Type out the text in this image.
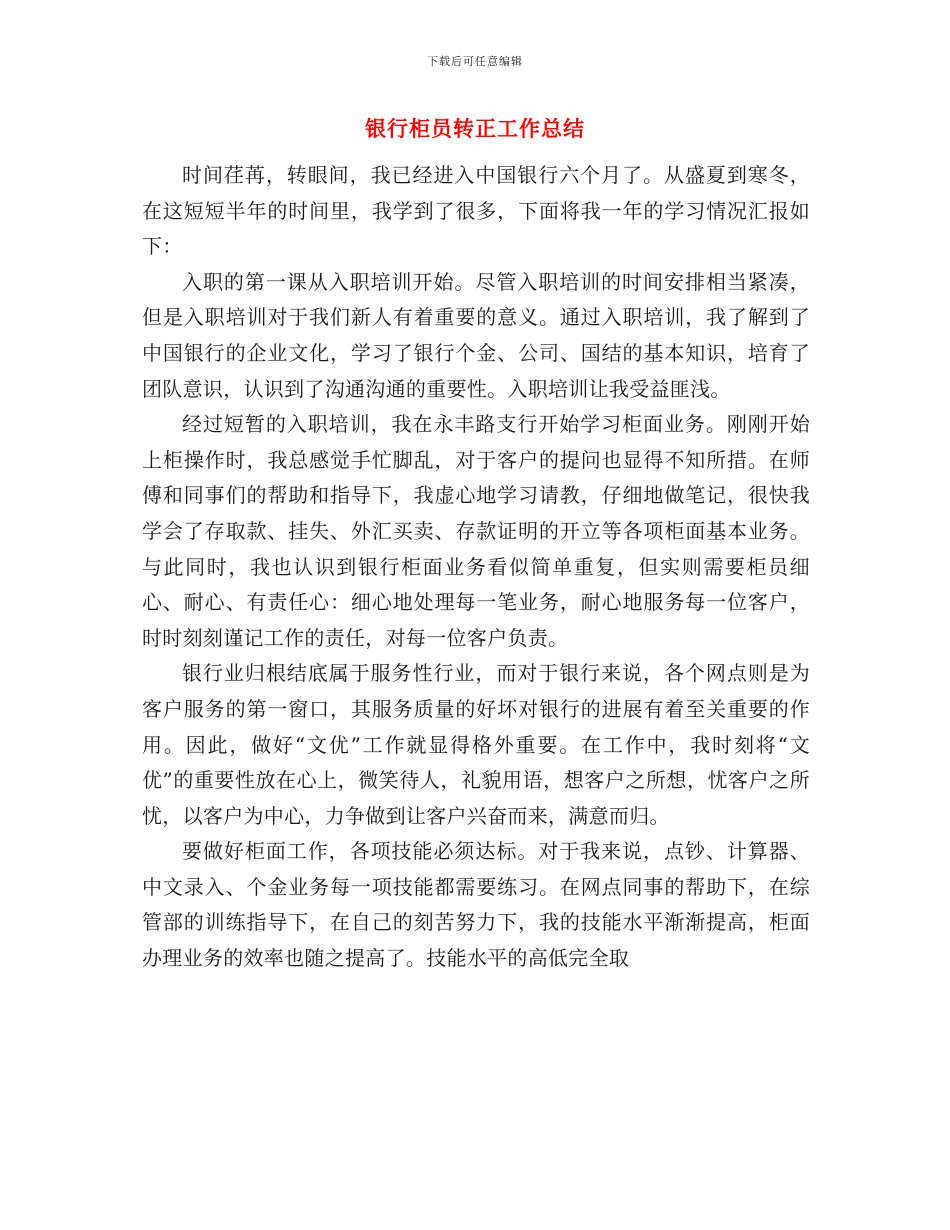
下载后可任意编辑
银行柜员转正工作总结

时间荏苒，转眼间，我已经进入中国银行六个月了。从盛夏到寒冬，在这短短半年的时间里，我学到了很多，下面将我一年的学习情况汇报如下：

入职的第一课从入职培训开始。尽管入职培训的时间安排相当紧凑，但是入职培训对于我们新人有着重要的意义。通过入职培训，我了解到了中国银行的企业文化，学习了银行个金、公司、国结的基本知识，培育了团队意识，认识到了沟通沟通的重要性。入职培训让我受益匪浅。

经过短暂的入职培训，我在永丰路支行开始学习柜面业务。刚刚开始上柜操作时，我总感觉手忙脚乱，对于客户的提问也显得不知所措。在师傅和同事们的帮助和指导下，我虚心地学习请教，仔细地做笔记，很快我学会了存取款、挂失、外汇买卖、存款证明的开立等各项柜面基本业务。与此同时，我也认识到银行柜面业务看似简单重复，但实则需要柜员细心、耐心、有责任心：细心地处理每一笔业务，耐心地服务每一位客户，时时刻刻谨记工作的责任，对每一位客户负责。

银行业归根结底属于服务性行业，而对于银行来说，各个网点则是为客户服务的第一窗口，其服务质量的好坏对银行的进展有着至关重要的作用。因此，做好“文优”工作就显得格外重要。在工作中，我时刻将“文优”的重要性放在心上，微笑待人，礼貌用语，想客户之所想，忧客户之所忧，以客户为中心，力争做到让客户兴奋而来，满意而归。

要做好柜面工作，各项技能必须达标。对于我来说，点钞、计算器、中文录入、个金业务每一项技能都需要练习。在网点同事的帮助下，在综管部的训练指导下，在自己的刻苦努力下，我的技能水平渐渐提高，柜面办理业务的效率也随之提高了。技能水平的高低完全取
